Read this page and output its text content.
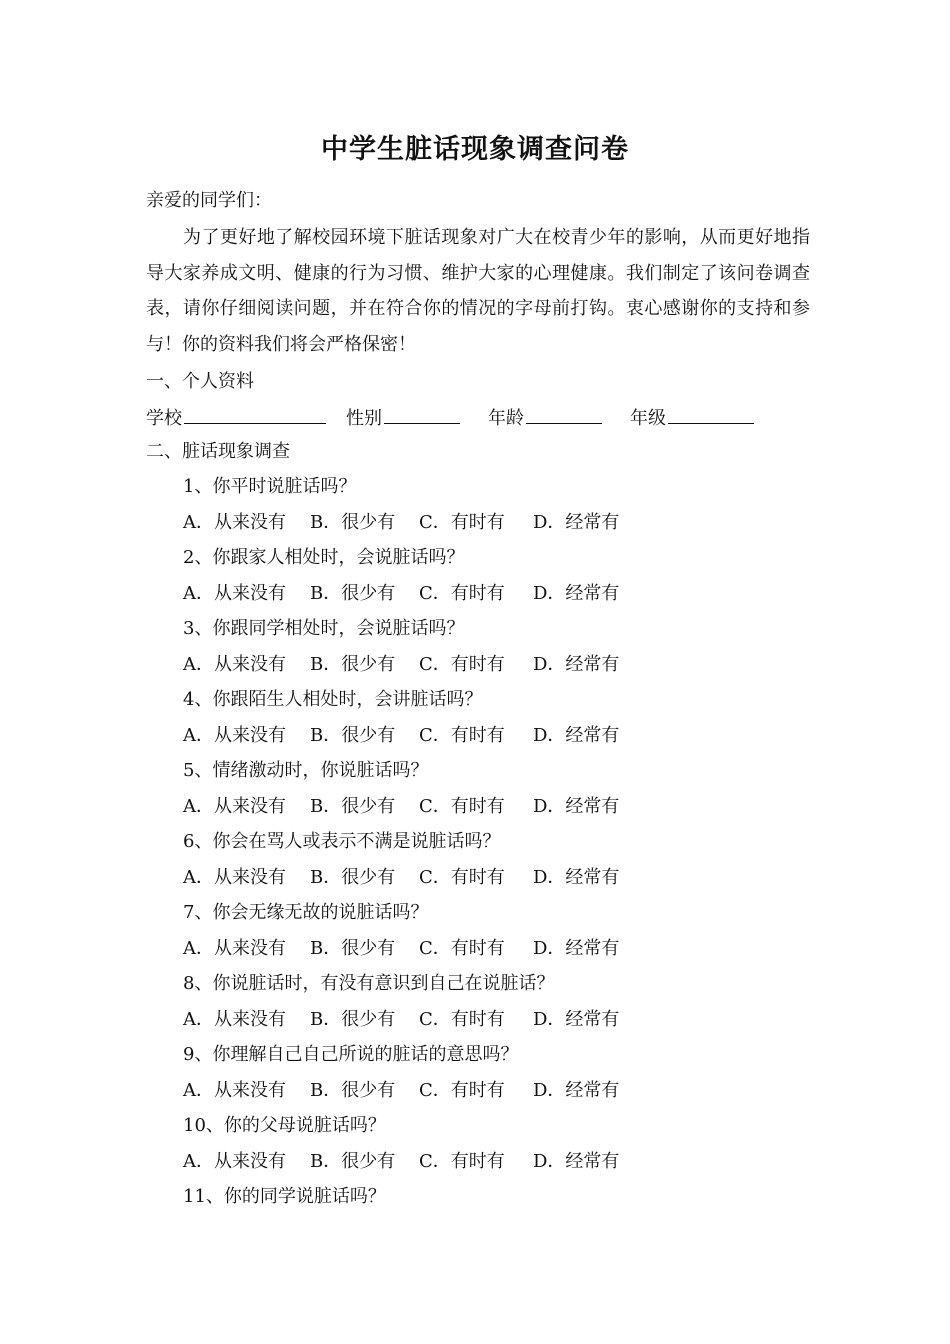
中学生脏话现象调查问卷
亲爱的同学们：
为了更好地了解校园环境下脏话现象对广大在校青少年的影响，从而更好地指导大家养成文明、健康的行为习惯、维护大家的心理健康。我们制定了该问卷调查表，请你仔细阅读问题，并在符合你的情况的字母前打钩。衷心感谢你的支持和参与！你的资料我们将会严格保密！
一、个人资料
学校	性别	年龄	年级
二、脏话现象调查
1、你平时说脏话吗？
A．从来没有 B．很少有 C．有时有 D．经常有
2、你跟家人相处时，会说脏话吗？
A．从来没有 B．很少有 C．有时有 D．经常有
3、你跟同学相处时，会说脏话吗？
A．从来没有 B．很少有 C．有时有 D．经常有
4、你跟陌生人相处时，会讲脏话吗？
A．从来没有 B．很少有 C．有时有 D．经常有
5、情绪激动时，你说脏话吗？
A．从来没有 B．很少有 C．有时有 D．经常有
6、你会在骂人或表示不满是说脏话吗？
A．从来没有 B．很少有 C．有时有 D．经常有
7、你会无缘无故的说脏话吗？
A．从来没有 B．很少有 C．有时有 D．经常有
8、你说脏话时，有没有意识到自己在说脏话？
A．从来没有 B．很少有 C．有时有 D．经常有
9、你理解自己自己所说的脏话的意思吗？
A．从来没有 B．很少有 C．有时有 D．经常有
10、你的父母说脏话吗？
A．从来没有 B．很少有 C．有时有 D．经常有
11、你的同学说脏话吗？
